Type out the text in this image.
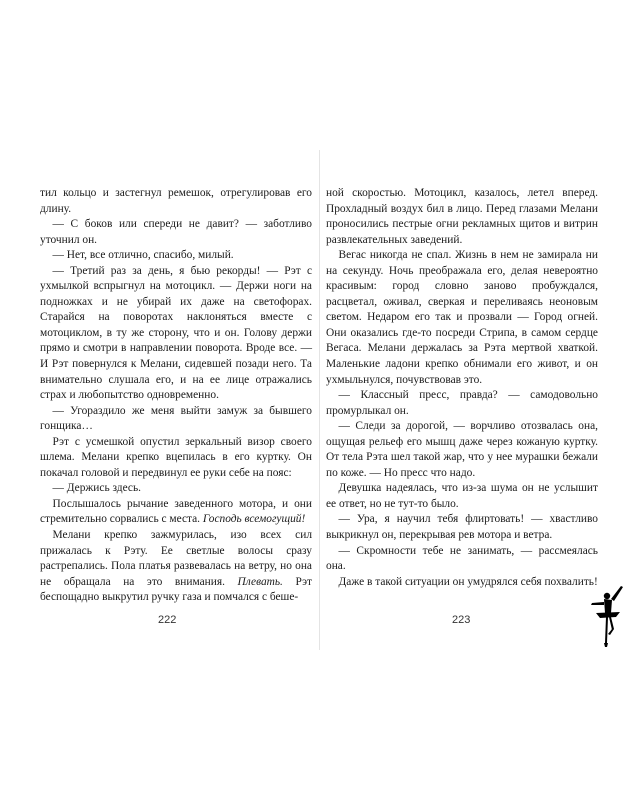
тил кольцо и застегнул ремешок, отрегулировав его длину.

— С боков или спереди не давит? — заботливо уточнил он.

— Нет, все отлично, спасибо, милый.

— Третий раз за день, я бью рекорды! — Рэт с ухмылкой вспрыгнул на мотоцикл. — Держи ноги на подножках и не убирай их даже на светофорах. Старайся на поворотах наклоняться вместе с мотоциклом, в ту же сторону, что и он. Голову держи прямо и смотри в направлении поворота. Вроде все. — И Рэт повернулся к Мелани, сидевшей позади него. Та внимательно слушала его, и на ее лице отражались страх и любопытство одновременно.

— Угораздило же меня выйти замуж за бывшего гонщика…

Рэт с усмешкой опустил зеркальный визор своего шлема. Мелани крепко вцепилась в его куртку. Он покачал головой и передвинул ее руки себе на пояс:

— Держись здесь.

Послышалось рычание заведенного мотора, и они стремительно сорвались с места. Господь всемогущий!

Мелани крепко зажмурилась, изо всех сил прижалась к Рэту. Ее светлые волосы сразу растрепались. Пола платья развевалась на ветру, но она не обращала на это внимания. Плевать. Рэт беспощадно выкрутил ручку газа и помчался с беше-

222

ной скоростью. Мотоцикл, казалось, летел вперед. Прохладный воздух бил в лицо. Перед глазами Мелани проносились пестрые огни рекламных щитов и витрин развлекательных заведений.

Вегас никогда не спал. Жизнь в нем не замирала ни на секунду. Ночь преображала его, делая невероятно красивым: город словно заново пробуждался, расцветал, оживал, сверкая и переливаясь неоновым светом. Недаром его так и прозвали — Город огней. Они оказались где-то посреди Стрипа, в самом сердце Вегаса. Мелани держалась за Рэта мертвой хваткой. Маленькие ладони крепко обнимали его живот, и он ухмыльнулся, почувствовав это.

— Классный пресс, правда? — самодовольно промурлыкал он.

— Следи за дорогой, — ворчливо отозвалась она, ощущая рельеф его мышц даже через кожаную куртку. От тела Рэта шел такой жар, что у нее мурашки бежали по коже. — Но пресс что надо.

Девушка надеялась, что из-за шума он не услышит ее ответ, но не тут-то было.

— Ура, я научил тебя флиртовать! — хвастливо выкрикнул он, перекрывая рев мотора и ветра.

— Скромности тебе не занимать, — рассмеялась она.

Даже в такой ситуации он умудрялся себя похвалить!

223
